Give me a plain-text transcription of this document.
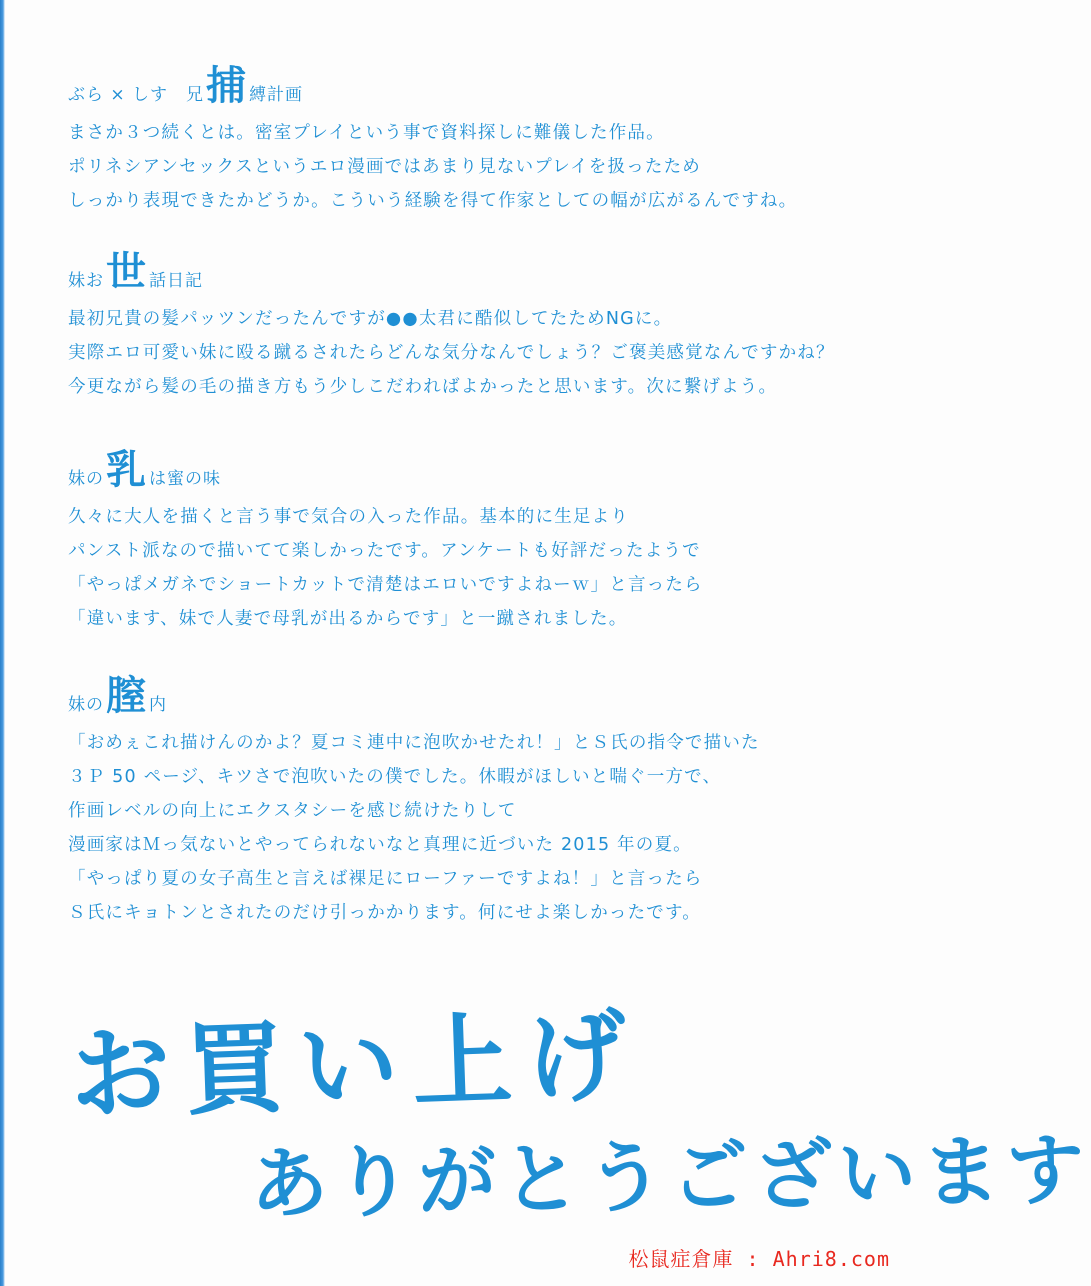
ぶら × しす　兄 捕 縛計画
まさか３つ続くとは。密室プレイという事で資料探しに難儀した作品。
ポリネシアンセックスというエロ漫画ではあまり見ないプレイを扱ったため
しっかり表現できたかどうか。こういう経験を得て作家としての幅が広がるんですね。
妹お 世 話日記
最初兄貴の髪パッツンだったんですが●●太君に酷似してたためNGに。
実際エロ可愛い妹に殴る蹴るされたらどんな気分なんでしょう？ご褒美感覚なんですかね？
今更ながら髪の毛の描き方もう少しこだわればよかったと思います。次に繋げよう。
妹の 乳 は蜜の味
久々に大人を描くと言う事で気合の入った作品。基本的に生足より
パンスト派なので描いてて楽しかったです。アンケートも好評だったようで
「やっぱメガネでショートカットで清楚はエロいですよねーｗ」と言ったら
「違います、妹で人妻で母乳が出るからです」と一蹴されました。
妹の 膣 内
「おめぇこれ描けんのかよ？夏コミ連中に泡吹かせたれ！」とＳ氏の指令で描いた
３Ｐ 50 ページ、キツさで泡吹いたの僕でした。休暇がほしいと喘ぐ一方で、
作画レベルの向上にエクスタシーを感じ続けたりして
漫画家はＭっ気ないとやってられないなと真理に近づいた 2015 年の夏。
「やっぱり夏の女子高生と言えば裸足にローファーですよね！」と言ったら
Ｓ氏にキョトンとされたのだけ引っかかります。何にせよ楽しかったです。
お買い上げ
ありがとうございます
松鼠症倉庫 : Ahri8.com
